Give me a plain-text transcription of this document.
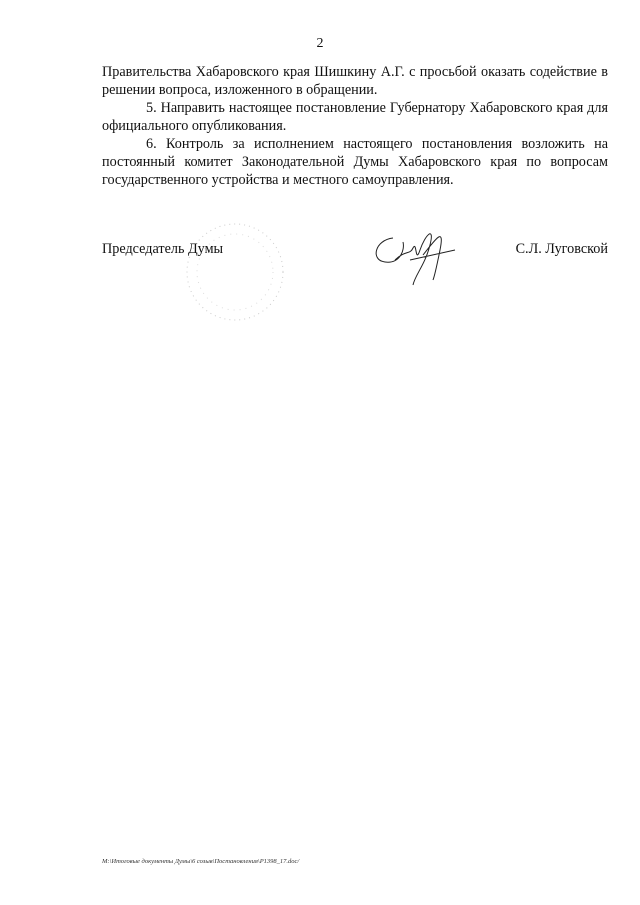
2

Правительства Хабаровского края Шишкину А.Г. с просьбой оказать содействие в решении вопроса, изложенного в обращении.

5. Направить настоящее постановление Губернатору Хабаровского края для официального опубликования.

6. Контроль за исполнением настоящего постановления возложить на постоянный комитет Законодательной Думы Хабаровского края по вопросам государственного устройства и местного самоуправления.

Председатель Думы	С.Л. Луговской
М:\Итоговые документы Думы\6 созыв\Постановления\P1398_17.doc/
